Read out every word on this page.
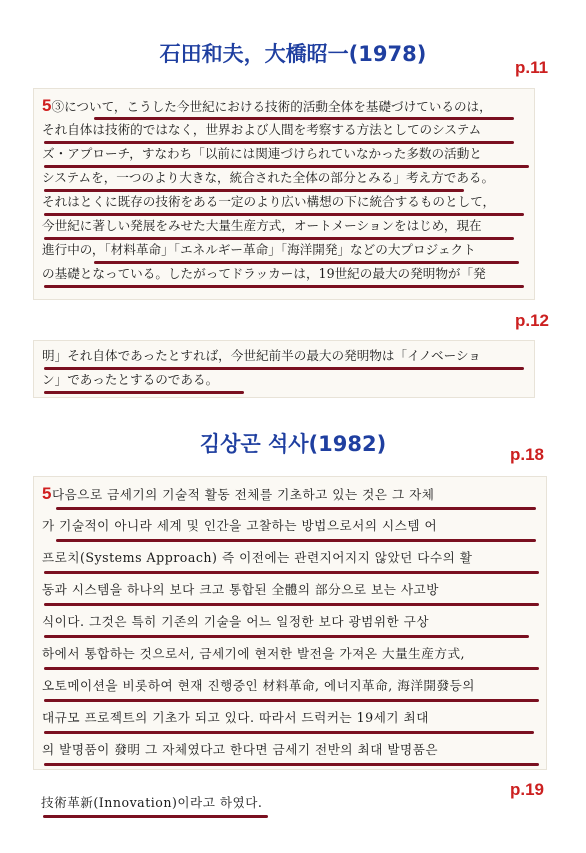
石田和夫，大橋昭一(1978)
p.11
5③について，こうした今世紀における技術的活動全体を基礎づけているのは，
それ自体は技術的ではなく，世界および人間を考察する方法としてのシステム
ズ・アプローチ，すなわち「以前には関連づけられていなかった多数の活動と
システムを，一つのより大きな，統合された全体の部分とみる」考え方である。
それはとくに既存の技術をある一定のより広い構想の下に統合するものとして，
今世紀に著しい発展をみせた大量生産方式，オートメーションをはじめ，現在
進行中の，「材料革命」「エネルギー革命」「海洋開発」などの大プロジェクト
の基礎となっている。したがってドラッカーは，19世紀の最大の発明物が「発
p.12
明」それ自体であったとすれば，今世紀前半の最大の発明物は「イノベーショ
ン」であったとするのである。
김상곤 석사(1982)	p.18
5다음으로 금세기의 기술적 활동 전체를 기초하고 있는 것은 그 자체
가 기술적이 아니라 세계 및 인간을 고찰하는 방법으로서의 시스템 어
프로치(Systems Approach) 즉 이전에는 관련지어지지 않았던 다수의 활
동과 시스템을 하나의 보다 크고 통합된 全體의 部分으로 보는 사고방
식이다. 그것은 특히 기존의 기술을 어느 일정한 보다 광범위한 구상
하에서 통합하는 것으로서, 금세기에 현저한 발전을 가져온 大量生産方式,
오토메이션을 비롯하여 현재 진행중인 材料革命, 에너지革命, 海洋開發등의
대규모 프로젝트의 기초가 되고 있다. 따라서 드럭커는 19세기 최대
의 발명품이 發明 그 자체였다고 한다면 금세기 전반의 최대 발명품은
p.19
技術革新(Innovation)이라고 하였다.
